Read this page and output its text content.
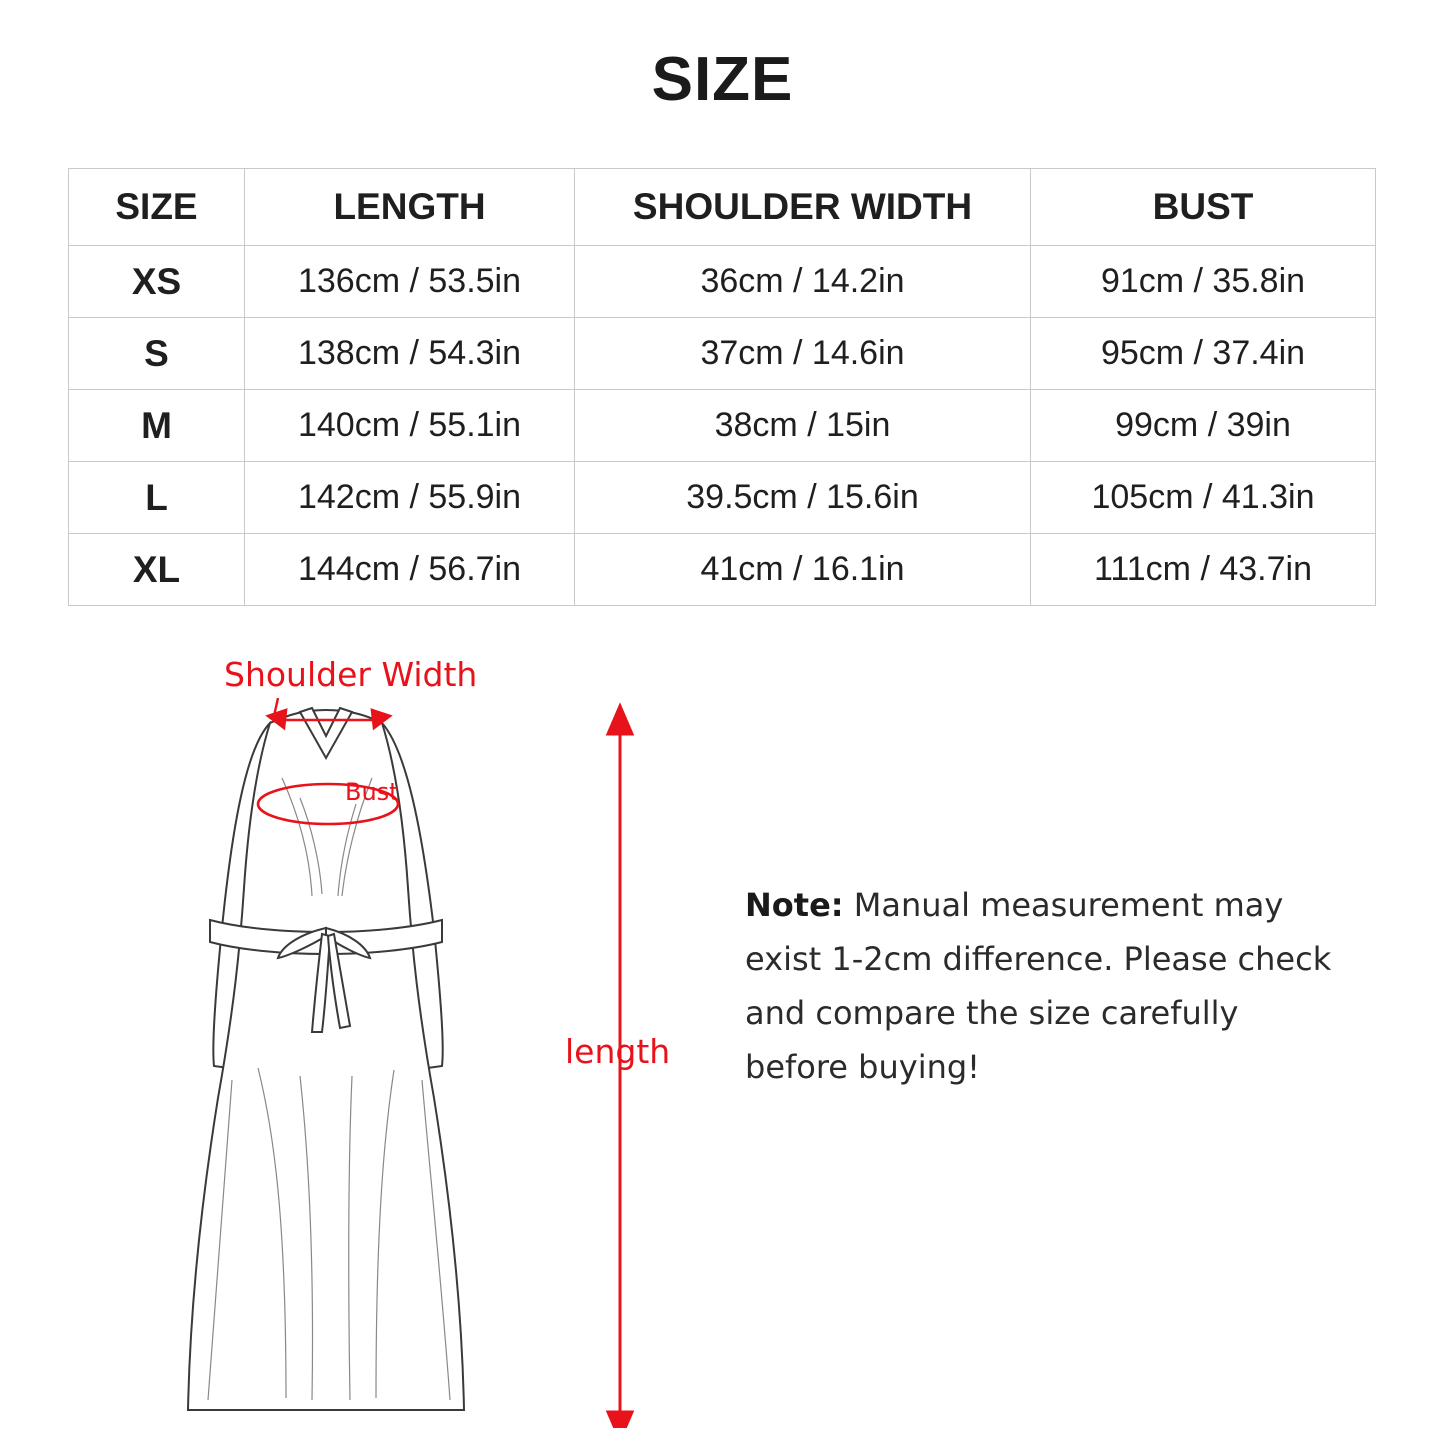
SIZE
SIZE	LENGTH	SHOULDER WIDTH	BUST
XS	136cm / 53.5in	36cm / 14.2in	91cm / 35.8in
S	138cm / 54.3in	37cm / 14.6in	95cm / 37.4in
M	140cm / 55.1in	38cm / 15in	99cm / 39in
L	142cm / 55.9in	39.5cm / 15.6in	105cm / 41.3in
XL	144cm / 56.7in	41cm / 16.1in	111cm / 43.7in
Bust
Shoulder Width
length
Note: Manual measurement may exist 1-2cm difference. Please check and compare the size carefully before buying!
